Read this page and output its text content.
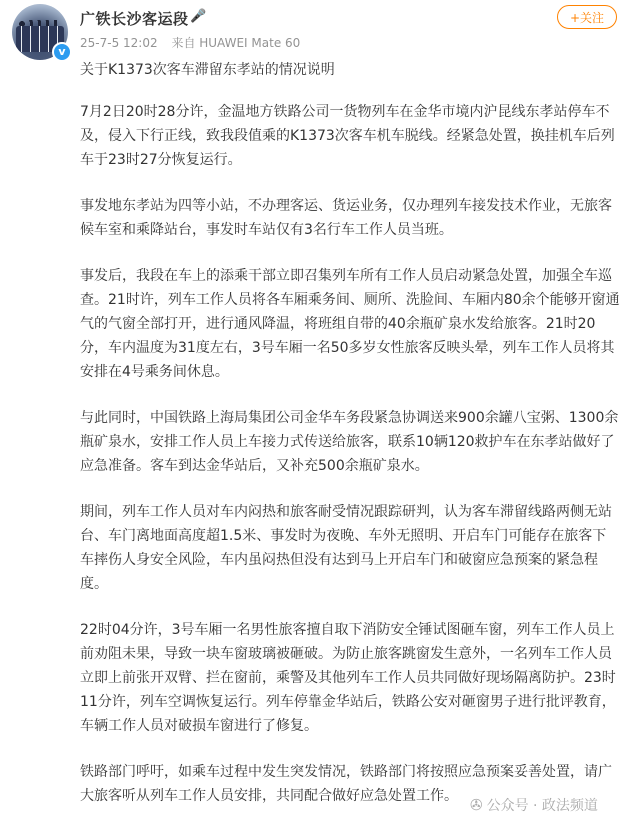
v
广铁长沙客运段 🎤
25-7-5 12:02 来自 HUAWEI Mate 60
+关注

关于K1373次客车滞留东孝站的情况说明

7月2日20时28分许，金温地方铁路公司一货物列车在金华市境内沪昆线东孝站停车不及，侵入下行正线，致我段值乘的K1373次客车机车脱线。经紧急处置，换挂机车后列车于23时27分恢复运行。

事发地东孝站为四等小站，不办理客运、货运业务，仅办理列车接发技术作业，无旅客候车室和乘降站台，事发时车站仅有3名行车工作人员当班。

事发后，我段在车上的添乘干部立即召集列车所有工作人员启动紧急处置，加强全车巡查。21时许，列车工作人员将各车厢乘务间、厕所、洗脸间、车厢内80余个能够开窗通气的气窗全部打开，进行通风降温，将班组自带的40余瓶矿泉水发给旅客。21时20分，车内温度为31度左右，3号车厢一名50多岁女性旅客反映头晕，列车工作人员将其安排在4号乘务间休息。

与此同时，中国铁路上海局集团公司金华车务段紧急协调送来900余罐八宝粥、1300余瓶矿泉水，安排工作人员上车接力式传送给旅客，联系10辆120救护车在东孝站做好了应急准备。客车到达金华站后，又补充500余瓶矿泉水。

期间，列车工作人员对车内闷热和旅客耐受情况跟踪研判，认为客车滞留线路两侧无站台、车门离地面高度超1.5米、事发时为夜晚、车外无照明、开启车门可能存在旅客下车摔伤人身安全风险，车内虽闷热但没有达到马上开启车门和破窗应急预案的紧急程度。

22时04分许，3号车厢一名男性旅客擅自取下消防安全锤试图砸车窗，列车工作人员上前劝阻未果，导致一块车窗玻璃被砸破。为防止旅客跳窗发生意外，一名列车工作人员立即上前张开双臂、拦在窗前，乘警及其他列车工作人员共同做好现场隔离防护。23时11分许，列车空调恢复运行。列车停靠金华站后，铁路公安对砸窗男子进行批评教育，车辆工作人员对破损车窗进行了修复。

铁路部门呼吁，如乘车过程中发生突发情况，铁路部门将按照应急预案妥善处置，请广大旅客听从列车工作人员安排，共同配合做好应急处置工作。 ✇ 公众号 · 政法频道
